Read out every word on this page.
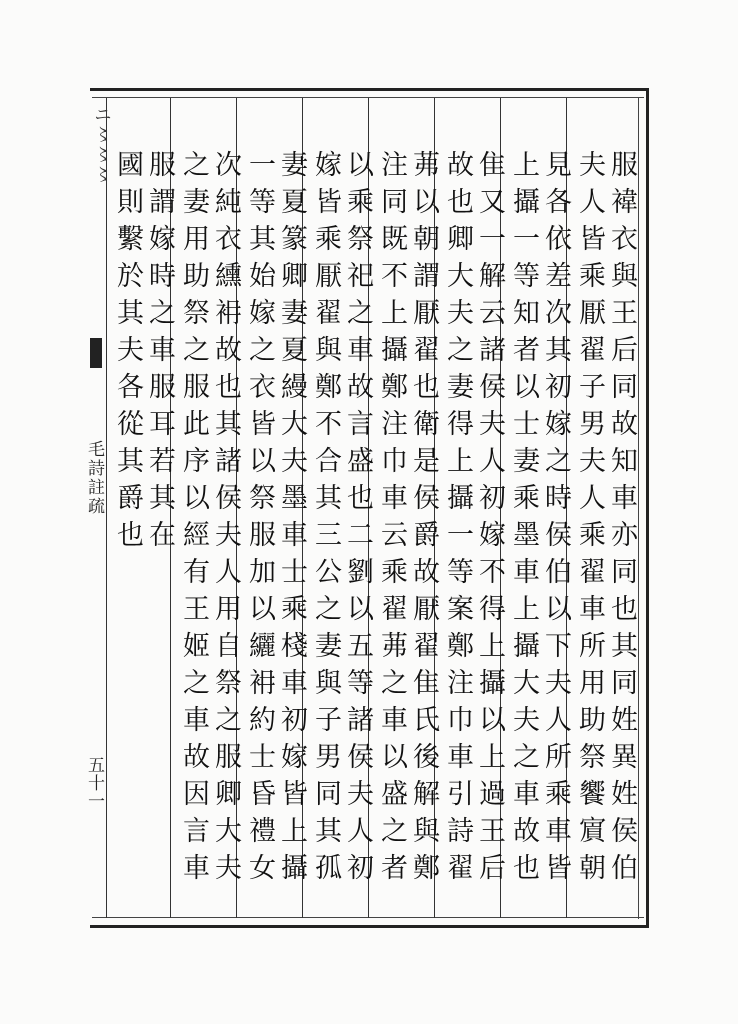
ニ〻〻〻
毛詩註疏
五十一	服褘衣與王后同故知車亦同也其同姓異姓侯伯
夫人皆乘厭翟子男夫人乘翟車所用助祭饗賔朝
見各依差次其初嫁之時侯伯以下夫人所乘車皆
上攝一等知者以士妻乘墨車上攝大夫之車故也
隹又一解云諸侯夫人初嫁不得上攝以上過王后
故也卿大夫之妻得上攝一等案鄭注巾車引詩翟
茀以朝謂厭翟也衛是侯爵故厭翟隹氏後解與鄭
注同既不上攝鄭注巾車云乘翟茀之車以盛之者
以乘祭祀之車故言盛也二劉以五等諸侯夫人初
嫁皆乘厭翟與鄭不合其三公之妻與子男同其孤
妻夏篆卿妻夏縵大夫墨車士乘棧車初嫁皆上攝
一等其始嫁之衣皆以祭服加以纚衻約士昏禮女
次純衣纁衻故也其諸侯夫人用自祭之服卿大夫
之妻用助祭之服此序以經有王姬之車故因言車
服謂嫁時之車服耳若其在
國則繫於其夫各從其爵也
